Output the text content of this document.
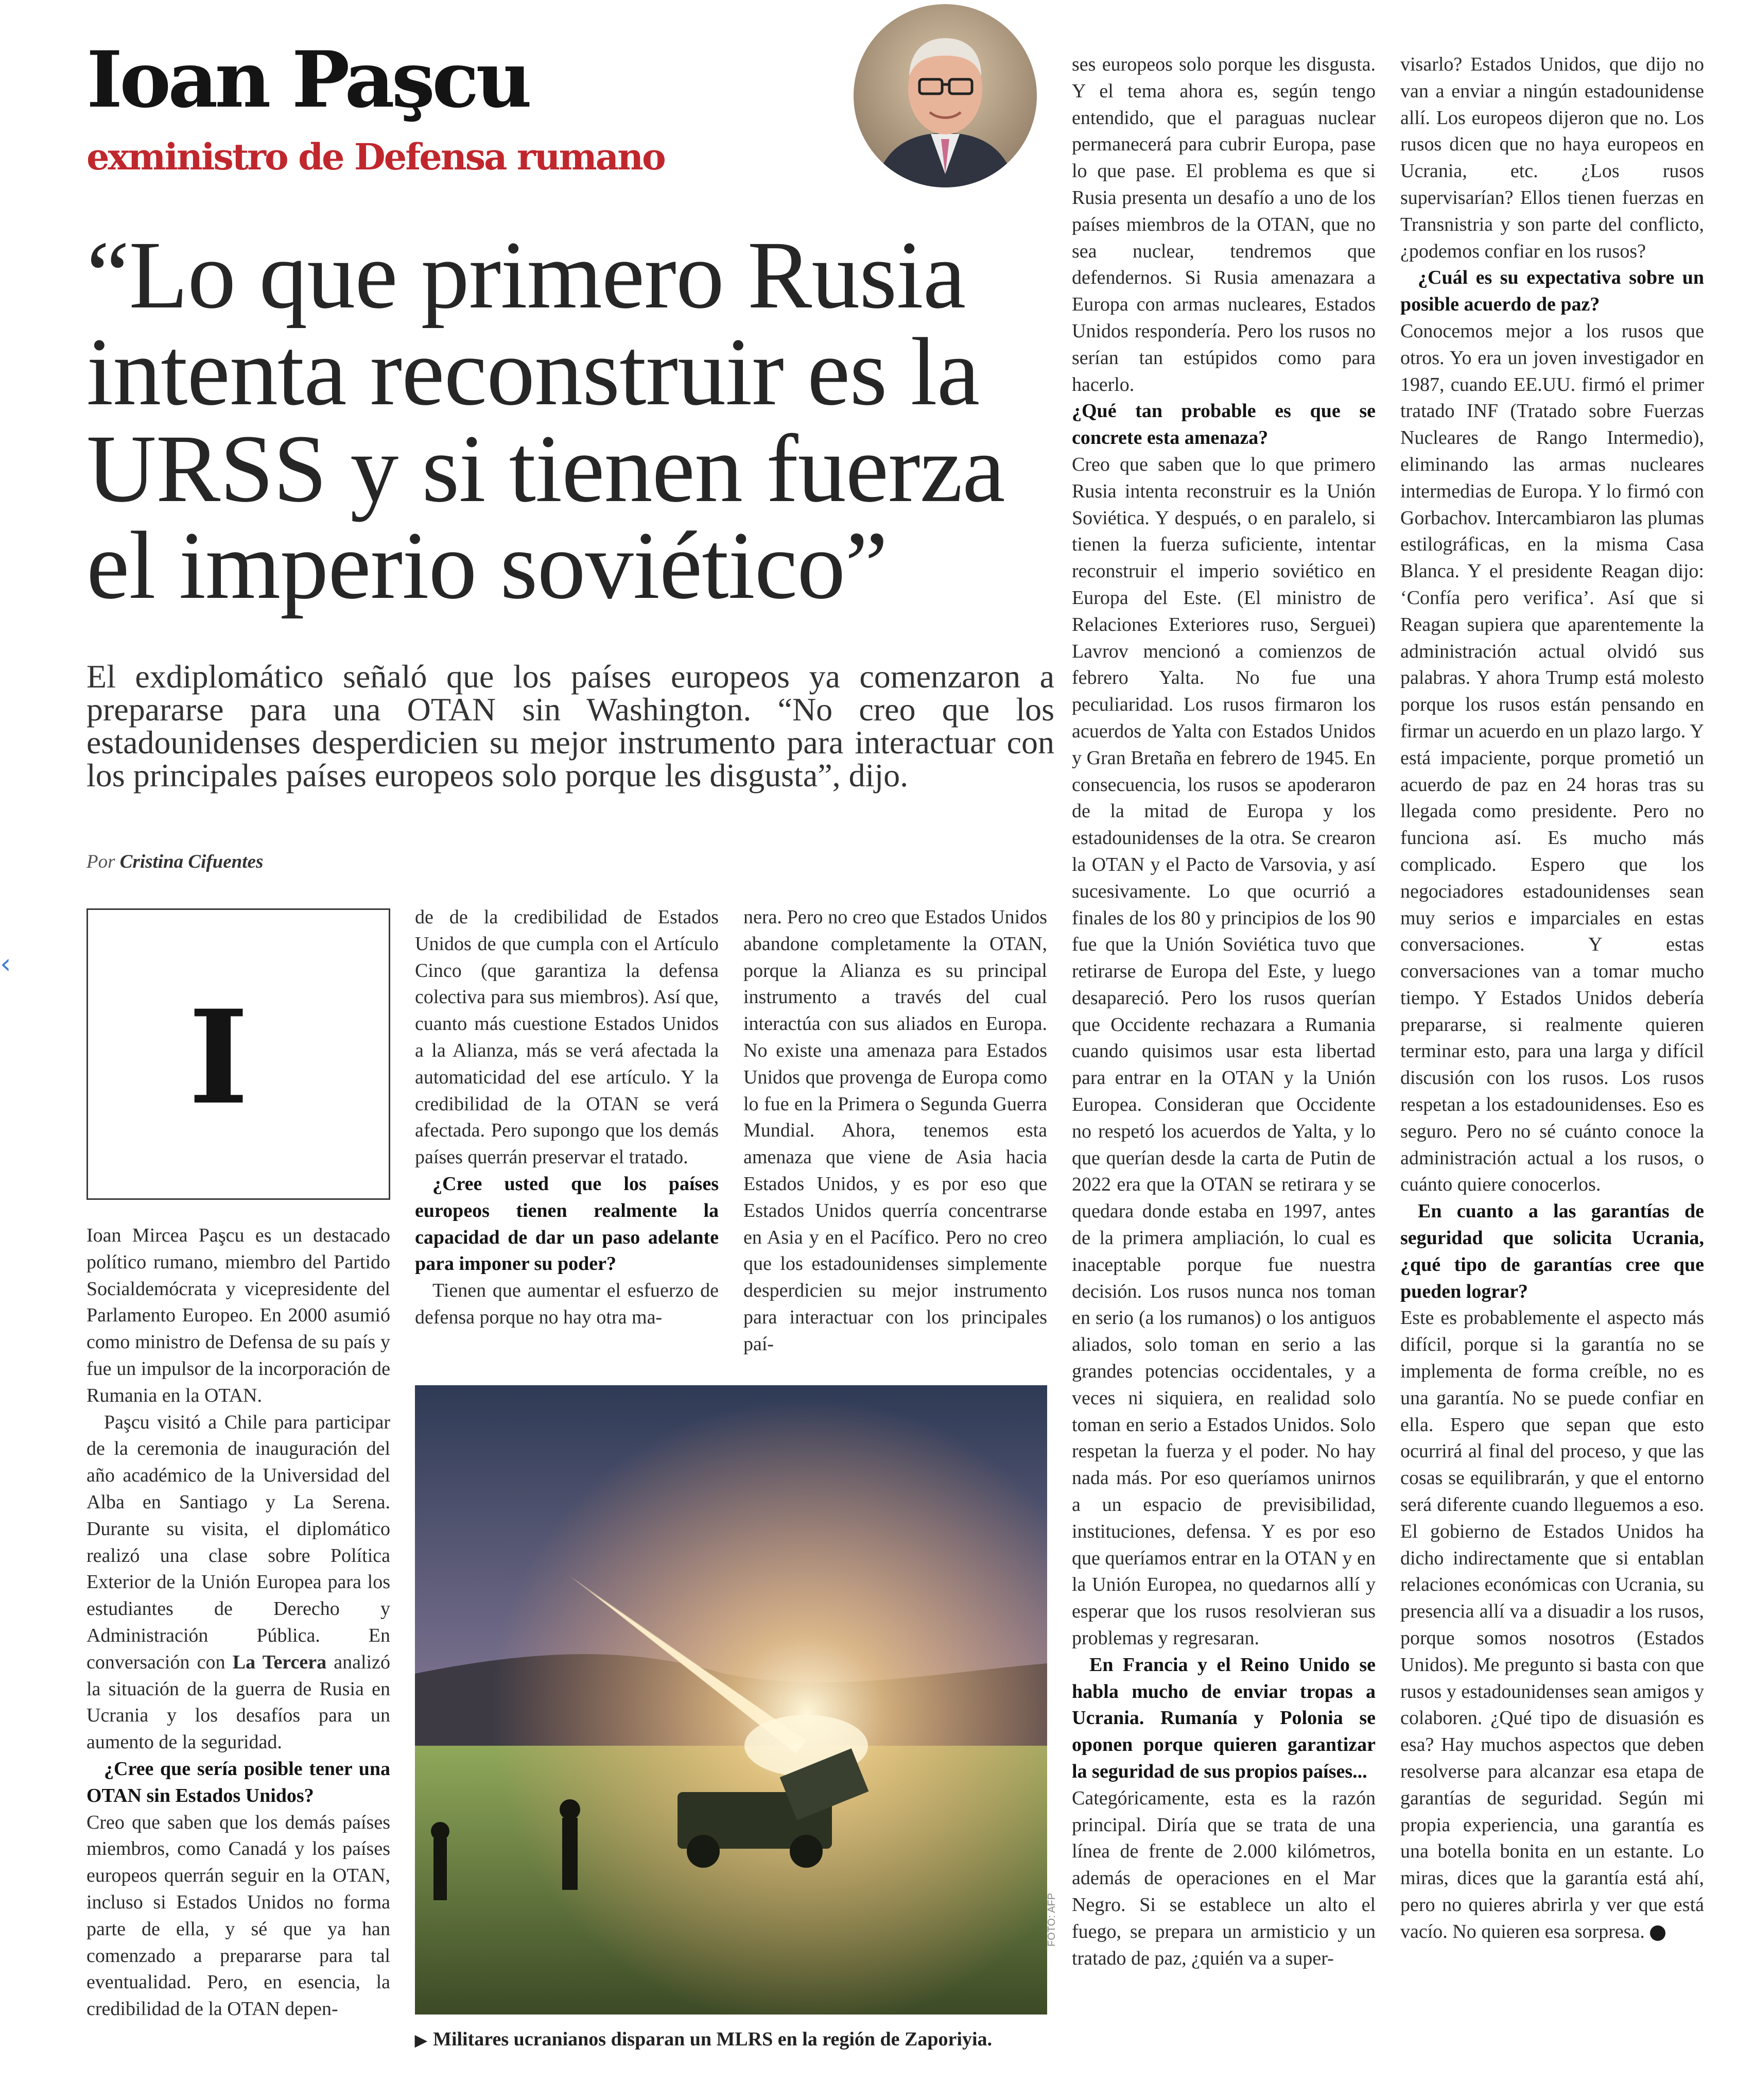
‹
Ioan Paşcu
exministro de Defensa rumano
“Lo que primero Rusia
intenta reconstruir es la
URSS y si tienen fuerza
el imperio soviético”
El exdiplomático señaló que los países europeos ya comenzaron a prepararse para una OTAN sin Washington. “No creo que los estadounidenses desperdicien su mejor instrumento para interactuar con los principales países europeos solo porque les disgusta”, dijo.
Por Cristina Cifuentes
I

Ioan Mircea Paşcu es un destacado político rumano, miembro del Partido Socialdemócrata y vicepresidente del Parlamento Europeo. En 2000 asumió como ministro de Defensa de su país y fue un impulsor de la incorporación de Rumania en la OTAN.

Paşcu visitó a Chile para participar de la ceremonia de inauguración del año académico de la Universidad del Alba en Santiago y La Serena. Durante su visita, el diplomático realizó una clase sobre Política Exterior de la Unión Europea para los estudiantes de Derecho y Administración Pública. En conversación con La Tercera analizó la situación de la guerra de Rusia en Ucrania y los desafíos para un aumento de la seguridad.

¿Cree que sería posible tener una OTAN sin Estados Unidos?

Creo que saben que los demás países miembros, como Canadá y los países europeos querrán seguir en la OTAN, incluso si Estados Unidos no forma parte de ella, y sé que ya han comenzado a prepararse para tal eventualidad. Pero, en esencia, la credibilidad de la OTAN depen-

de de la credibilidad de Estados Unidos de que cumpla con el Artículo Cinco (que garantiza la defensa colectiva para sus miembros). Así que, cuanto más cuestione Estados Unidos a la Alianza, más se verá afectada la automaticidad del ese artículo. Y la credibilidad de la OTAN se verá afectada. Pero supongo que los demás países querrán preservar el tratado.

¿Cree usted que los países europeos tienen realmente la capacidad de dar un paso adelante para imponer su poder?

Tienen que aumentar el esfuerzo de defensa porque no hay otra ma-

nera. Pero no creo que Estados Unidos abandone completamente la OTAN, porque la Alianza es su principal instrumento a través del cual interactúa con sus aliados en Europa. No existe una amenaza para Estados Unidos que provenga de Europa como lo fue en la Primera o Segunda Guerra Mundial. Ahora, tenemos esta amenaza que viene de Asia hacia Estados Unidos, y es por eso que Estados Unidos querría concentrarse en Asia y en el Pacífico. Pero no creo que los estadounidenses simplemente desperdicien su mejor instrumento para interactuar con los principales paí-

FOTO: AFP
▶ Militares ucranianos disparan un MLRS en la región de Zaporiyia.

ses europeos solo porque les disgusta. Y el tema ahora es, según tengo entendido, que el paraguas nuclear permanecerá para cubrir Europa, pase lo que pase. El problema es que si Rusia presenta un desafío a uno de los países miembros de la OTAN, que no sea nuclear, tendremos que defendernos. Si Rusia amenazara a Europa con armas nucleares, Estados Unidos respondería. Pero los rusos no serían tan estúpidos como para hacerlo.

¿Qué tan probable es que se concrete esta amenaza?

Creo que saben que lo que primero Rusia intenta reconstruir es la Unión Soviética. Y después, o en paralelo, si tienen la fuerza suficiente, intentar reconstruir el imperio soviético en Europa del Este. (El ministro de Relaciones Exteriores ruso, Serguei) Lavrov mencionó a comienzos de febrero Yalta. No fue una peculiaridad. Los rusos firmaron los acuerdos de Yalta con Estados Unidos y Gran Bretaña en febrero de 1945. En consecuencia, los rusos se apoderaron de la mitad de Europa y los estadounidenses de la otra. Se crearon la OTAN y el Pacto de Varsovia, y así sucesivamente. Lo que ocurrió a finales de los 80 y principios de los 90 fue que la Unión Soviética tuvo que retirarse de Europa del Este, y luego desapareció. Pero los rusos querían que Occidente rechazara a Rumania cuando quisimos usar esta libertad para entrar en la OTAN y la Unión Europea. Consideran que Occidente no respetó los acuerdos de Yalta, y lo que querían desde la carta de Putin de 2022 era que la OTAN se retirara y se quedara donde estaba en 1997, antes de la primera ampliación, lo cual es inaceptable porque fue nuestra decisión. Los rusos nunca nos toman en serio (a los rumanos) o los antiguos aliados, solo toman en serio a las grandes potencias occidentales, y a veces ni siquiera, en realidad solo toman en serio a Estados Unidos. Solo respetan la fuerza y el poder. No hay nada más. Por eso queríamos unirnos a un espacio de previsibilidad, instituciones, defensa. Y es por eso que queríamos entrar en la OTAN y en la Unión Europea, no quedarnos allí y esperar que los rusos resolvieran sus problemas y regresaran.

En Francia y el Reino Unido se habla mucho de enviar tropas a Ucrania. Rumanía y Polonia se oponen porque quieren garantizar la seguridad de sus propios países...

Categóricamente, esta es la razón principal. Diría que se trata de una línea de frente de 2.000 kilómetros, además de operaciones en el Mar Negro. Si se establece un alto el fuego, se prepara un armisticio y un tratado de paz, ¿quién va a super-

visarlo? Estados Unidos, que dijo no van a enviar a ningún estadounidense allí. Los europeos dijeron que no. Los rusos dicen que no haya europeos en Ucrania, etc. ¿Los rusos supervisarían? Ellos tienen fuerzas en Transnistria y son parte del conflicto, ¿podemos confiar en los rusos?

¿Cuál es su expectativa sobre un posible acuerdo de paz?

Conocemos mejor a los rusos que otros. Yo era un joven investigador en 1987, cuando EE.UU. firmó el primer tratado INF (Tratado sobre Fuerzas Nucleares de Rango Intermedio), eliminando las armas nucleares intermedias de Europa. Y lo firmó con Gorbachov. Intercambiaron las plumas estilográficas, en la misma Casa Blanca. Y el presidente Reagan dijo: ‘Confía pero verifica’. Así que si Reagan supiera que aparentemente la administración actual olvidó sus palabras. Y ahora Trump está molesto porque los rusos están pensando en firmar un acuerdo en un plazo largo. Y está impaciente, porque prometió un acuerdo de paz en 24 horas tras su llegada como presidente. Pero no funciona así. Es mucho más complicado. Espero que los negociadores estadounidenses sean muy serios e imparciales en estas conversaciones. Y estas conversaciones van a tomar mucho tiempo. Y Estados Unidos debería prepararse, si realmente quieren terminar esto, para una larga y difícil discusión con los rusos. Los rusos respetan a los estadounidenses. Eso es seguro. Pero no sé cuánto conoce la administración actual a los rusos, o cuánto quiere conocerlos.

En cuanto a las garantías de seguridad que solicita Ucrania, ¿qué tipo de garantías cree que pueden lograr?

Este es probablemente el aspecto más difícil, porque si la garantía no se implementa de forma creíble, no es una garantía. No se puede confiar en ella. Espero que sepan que esto ocurrirá al final del proceso, y que las cosas se equilibrarán, y que el entorno será diferente cuando lleguemos a eso. El gobierno de Estados Unidos ha dicho indirectamente que si entablan relaciones económicas con Ucrania, su presencia allí va a disuadir a los rusos, porque somos nosotros (Estados Unidos). Me pregunto si basta con que rusos y estadounidenses sean amigos y colaboren. ¿Qué tipo de disuasión es esa? Hay muchos aspectos que deben resolverse para alcanzar esa etapa de garantías de seguridad. Según mi propia experiencia, una garantía es una botella bonita en un estante. Lo miras, dices que la garantía está ahí, pero no quieres abrirla y ver que está vacío. No quieren esa sorpresa.
